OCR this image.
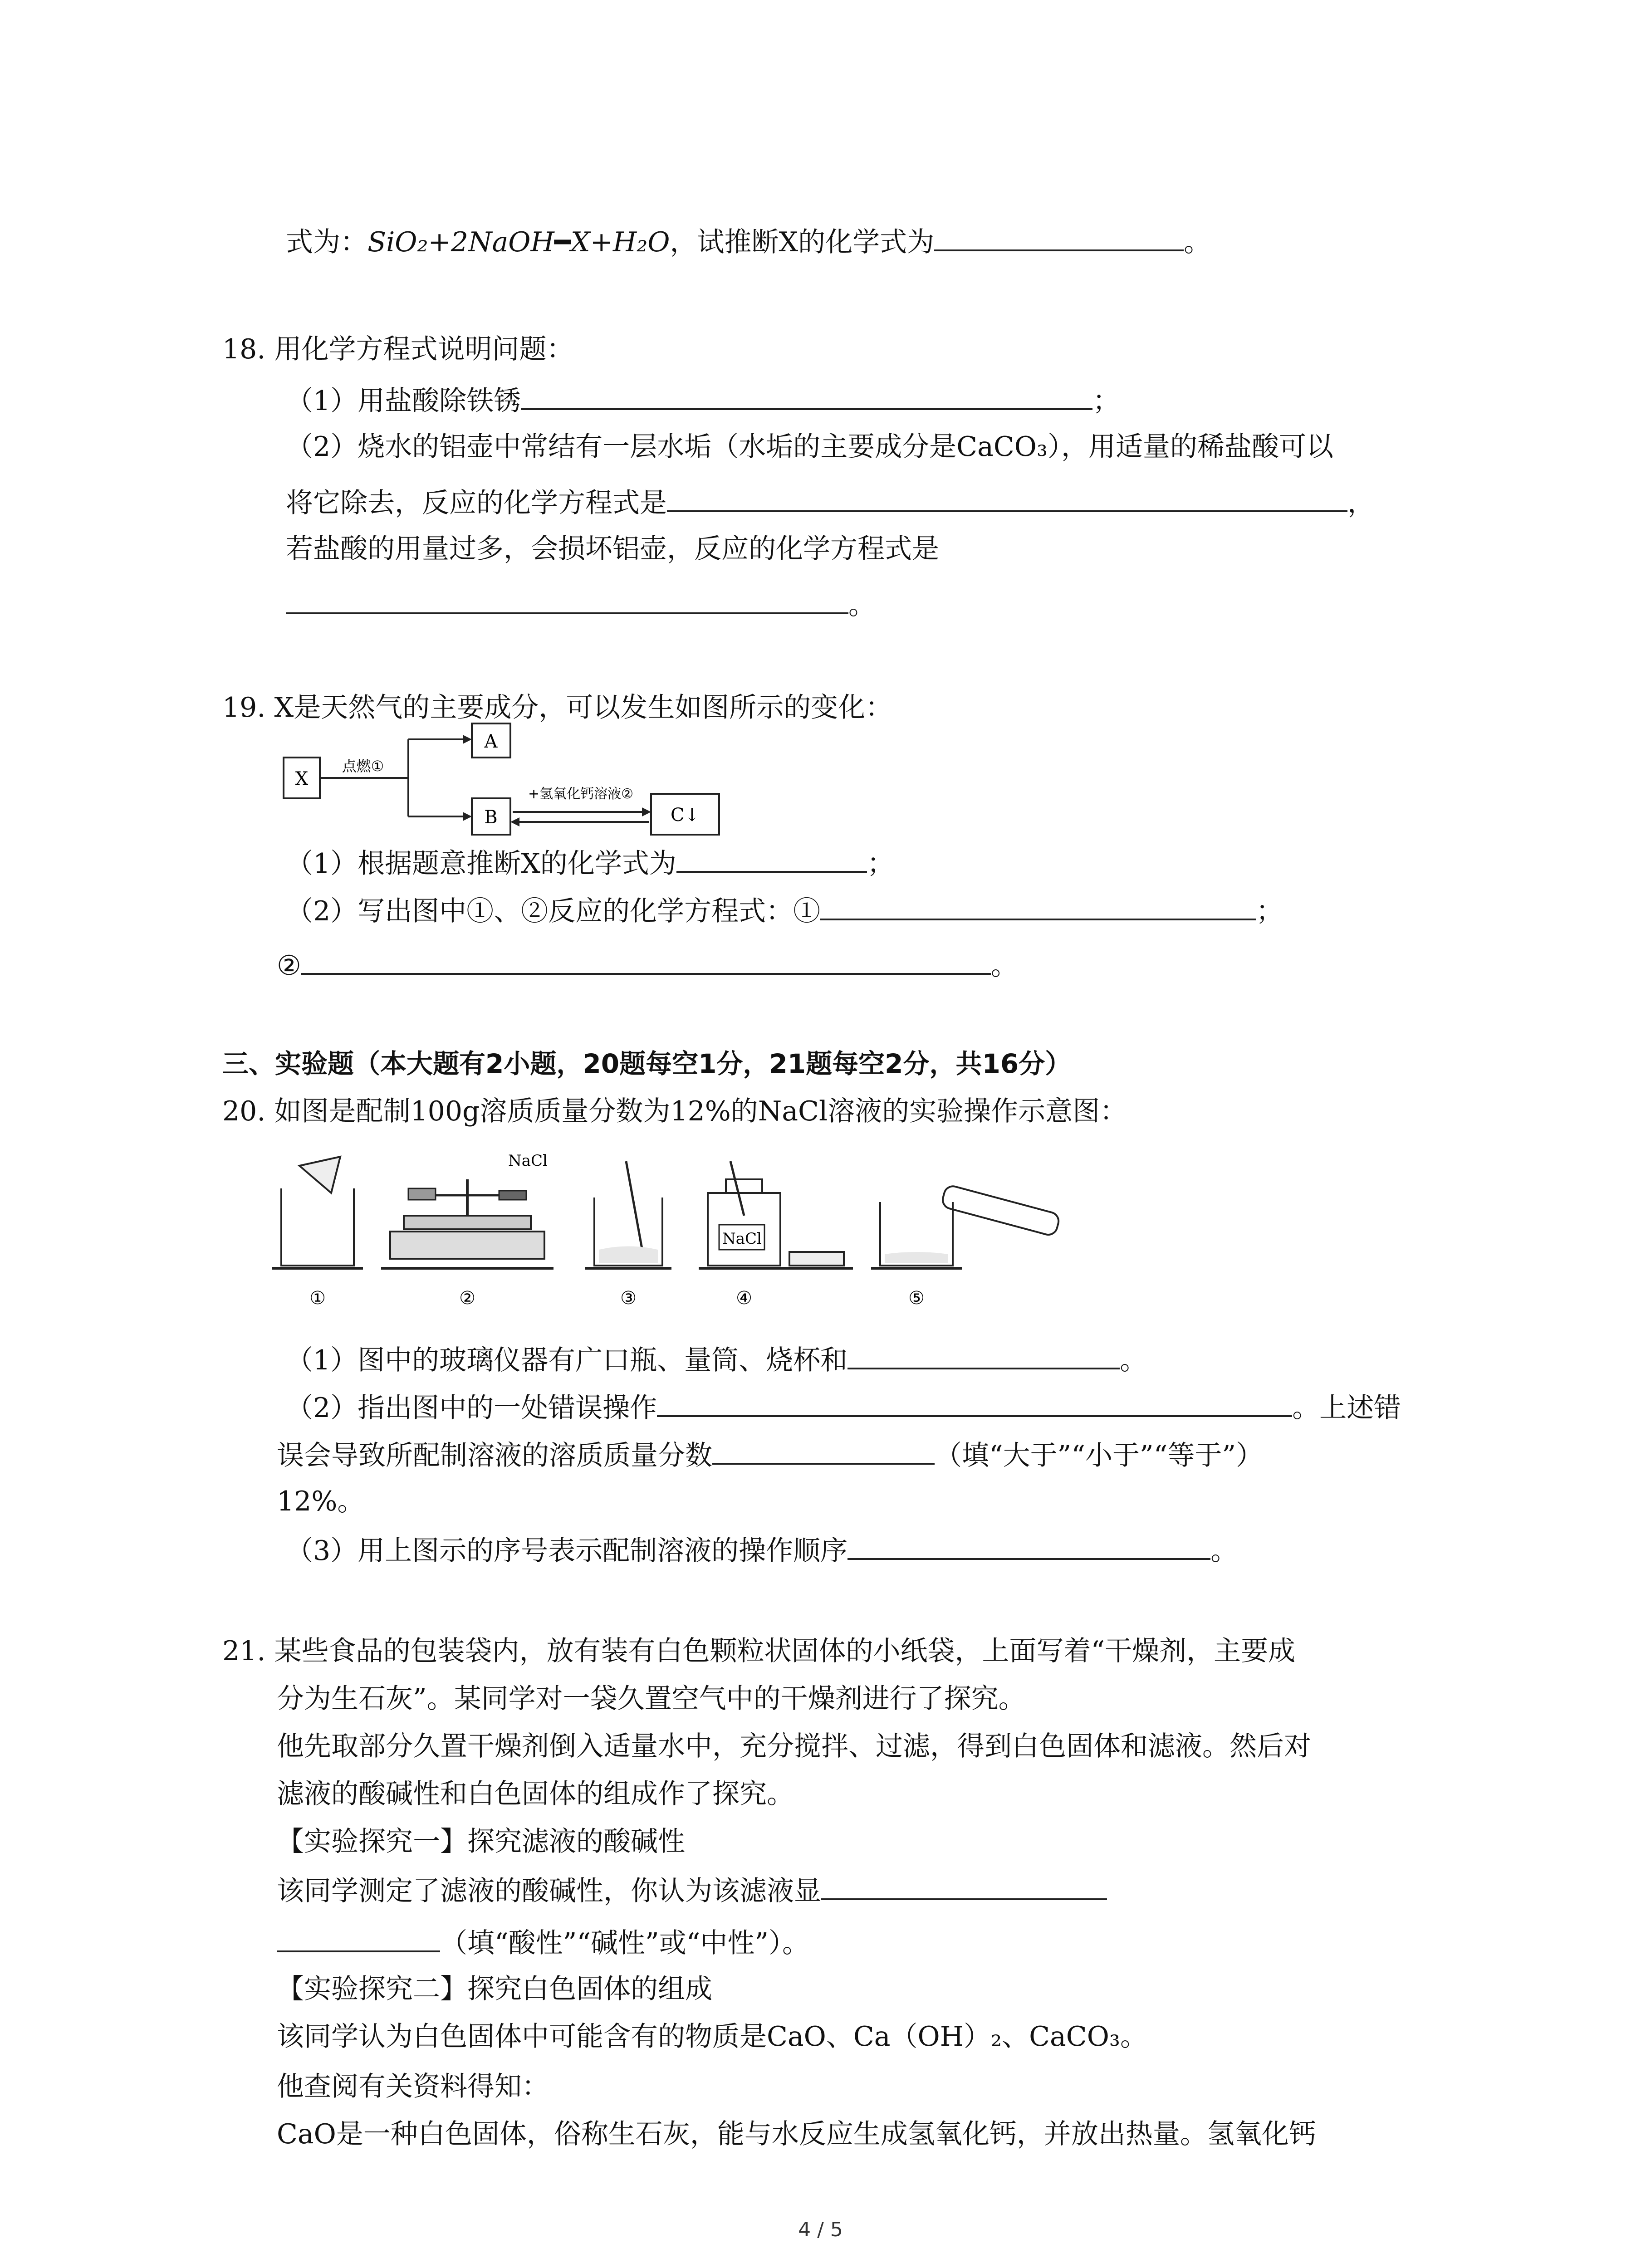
式为：SiO₂+2NaOH━X+H₂O，试推断X的化学式为	。
18. 用化学方程式说明问题：
（1）用盐酸除铁锈	；
（2）烧水的铝壶中常结有一层水垢（水垢的主要成分是CaCO₃），用适量的稀盐酸可以
将它除去，反应的化学方程式是	，
若盐酸的用量过多，会损坏铝壶，反应的化学方程式是
。
19. X是天然气的主要成分，可以发生如图所示的变化：
X
点燃①
A
B
+氢氧化钙溶液②
C↓
（1）根据题意推断X的化学式为	；
（2）写出图中①、②反应的化学方程式：①	；
②	。
三、实验题（本大题有2小题，20题每空1分，21题每空2分，共16分）
20. 如图是配制100g溶质质量分数为12%的NaCl溶液的实验操作示意图：
NaCl
NaCl
①	②	③	④	⑤
（1）图中的玻璃仪器有广口瓶、量筒、烧杯和	。
（2）指出图中的一处错误操作	。上述错
误会导致所配制溶液的溶质质量分数	（填“大于”“小于”“等于”）
12%。
（3）用上图示的序号表示配制溶液的操作顺序	。
21. 某些食品的包装袋内，放有装有白色颗粒状固体的小纸袋，上面写着“干燥剂，主要成
分为生石灰”。某同学对一袋久置空气中的干燥剂进行了探究。
他先取部分久置干燥剂倒入适量水中，充分搅拌、过滤，得到白色固体和滤液。然后对
滤液的酸碱性和白色固体的组成作了探究。
【实验探究一】探究滤液的酸碱性
该同学测定了滤液的酸碱性，你认为该滤液显
（填“酸性”“碱性”或“中性”）。
【实验探究二】探究白色固体的组成
该同学认为白色固体中可能含有的物质是CaO、Ca（OH）₂、CaCO₃。
他查阅有关资料得知：
CaO是一种白色固体，俗称生石灰，能与水反应生成氢氧化钙，并放出热量。氢氧化钙
4 / 5
